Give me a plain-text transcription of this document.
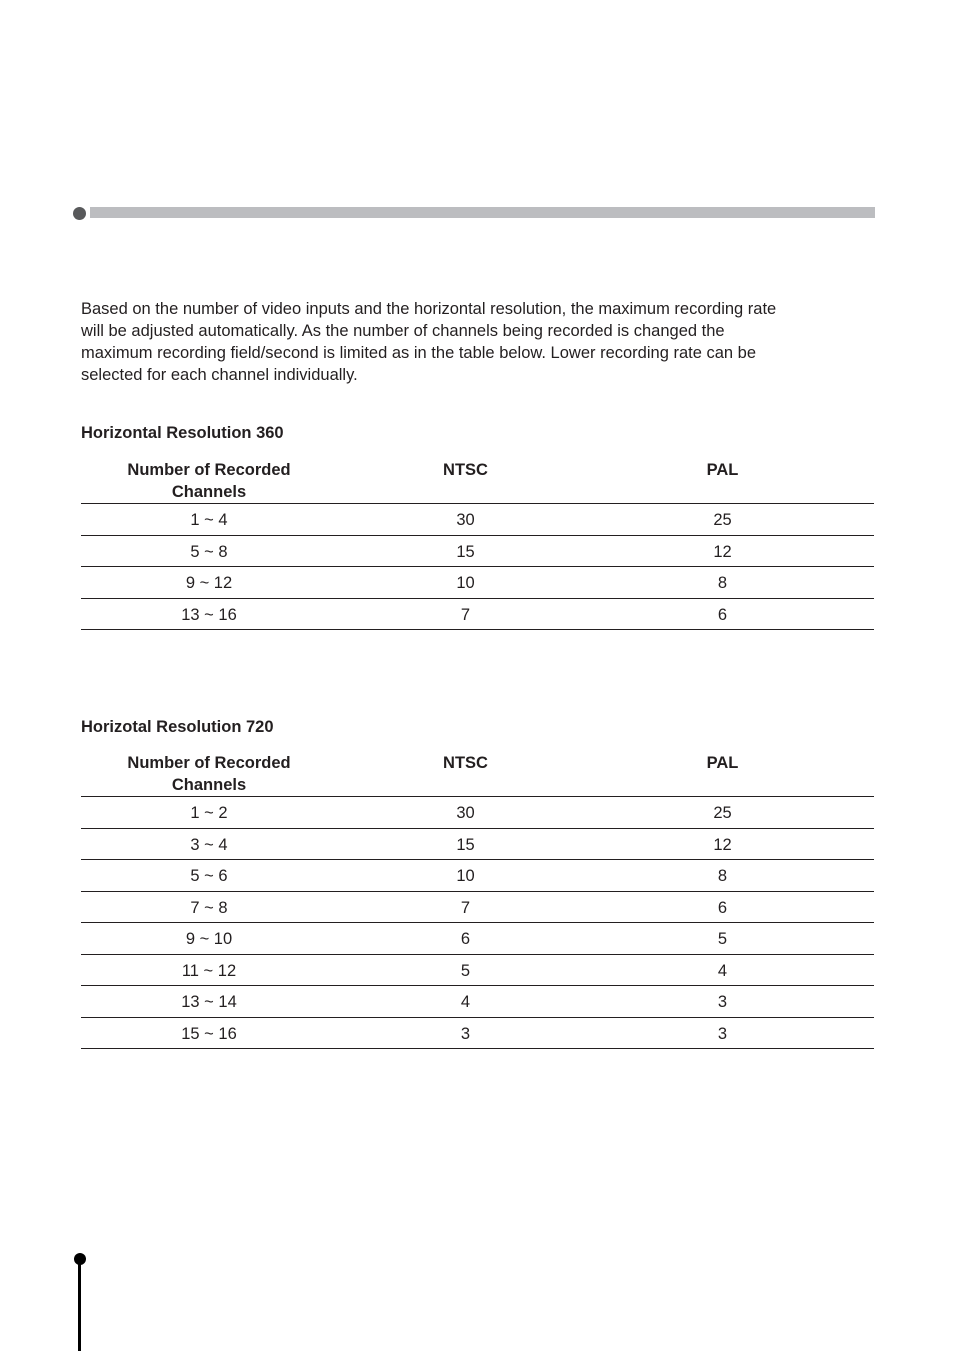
Based on the number of video inputs and the horizontal resolution, the maximum recording rate
will be adjusted automatically. As the number of channels being recorded is changed the
maximum recording field/second is limited as in the table below. Lower recording rate can be
selected for each channel individually.

Horizontal Resolution 360
Number of Recorded
Channels
NTSC	PAL
1 ~ 4	30	25
5 ~ 8	15	12
9 ~ 12	10	8
13 ~ 16	7	6
Horizotal Resolution 720
Number of Recorded
Channels
NTSC	PAL
1 ~ 2	30	25
3 ~ 4	15	12
5 ~ 6	10	8
7 ~ 8	7	6
9 ~ 10	6	5
11 ~ 12	5	4
13 ~ 14	4	3
15 ~ 16	3	3
